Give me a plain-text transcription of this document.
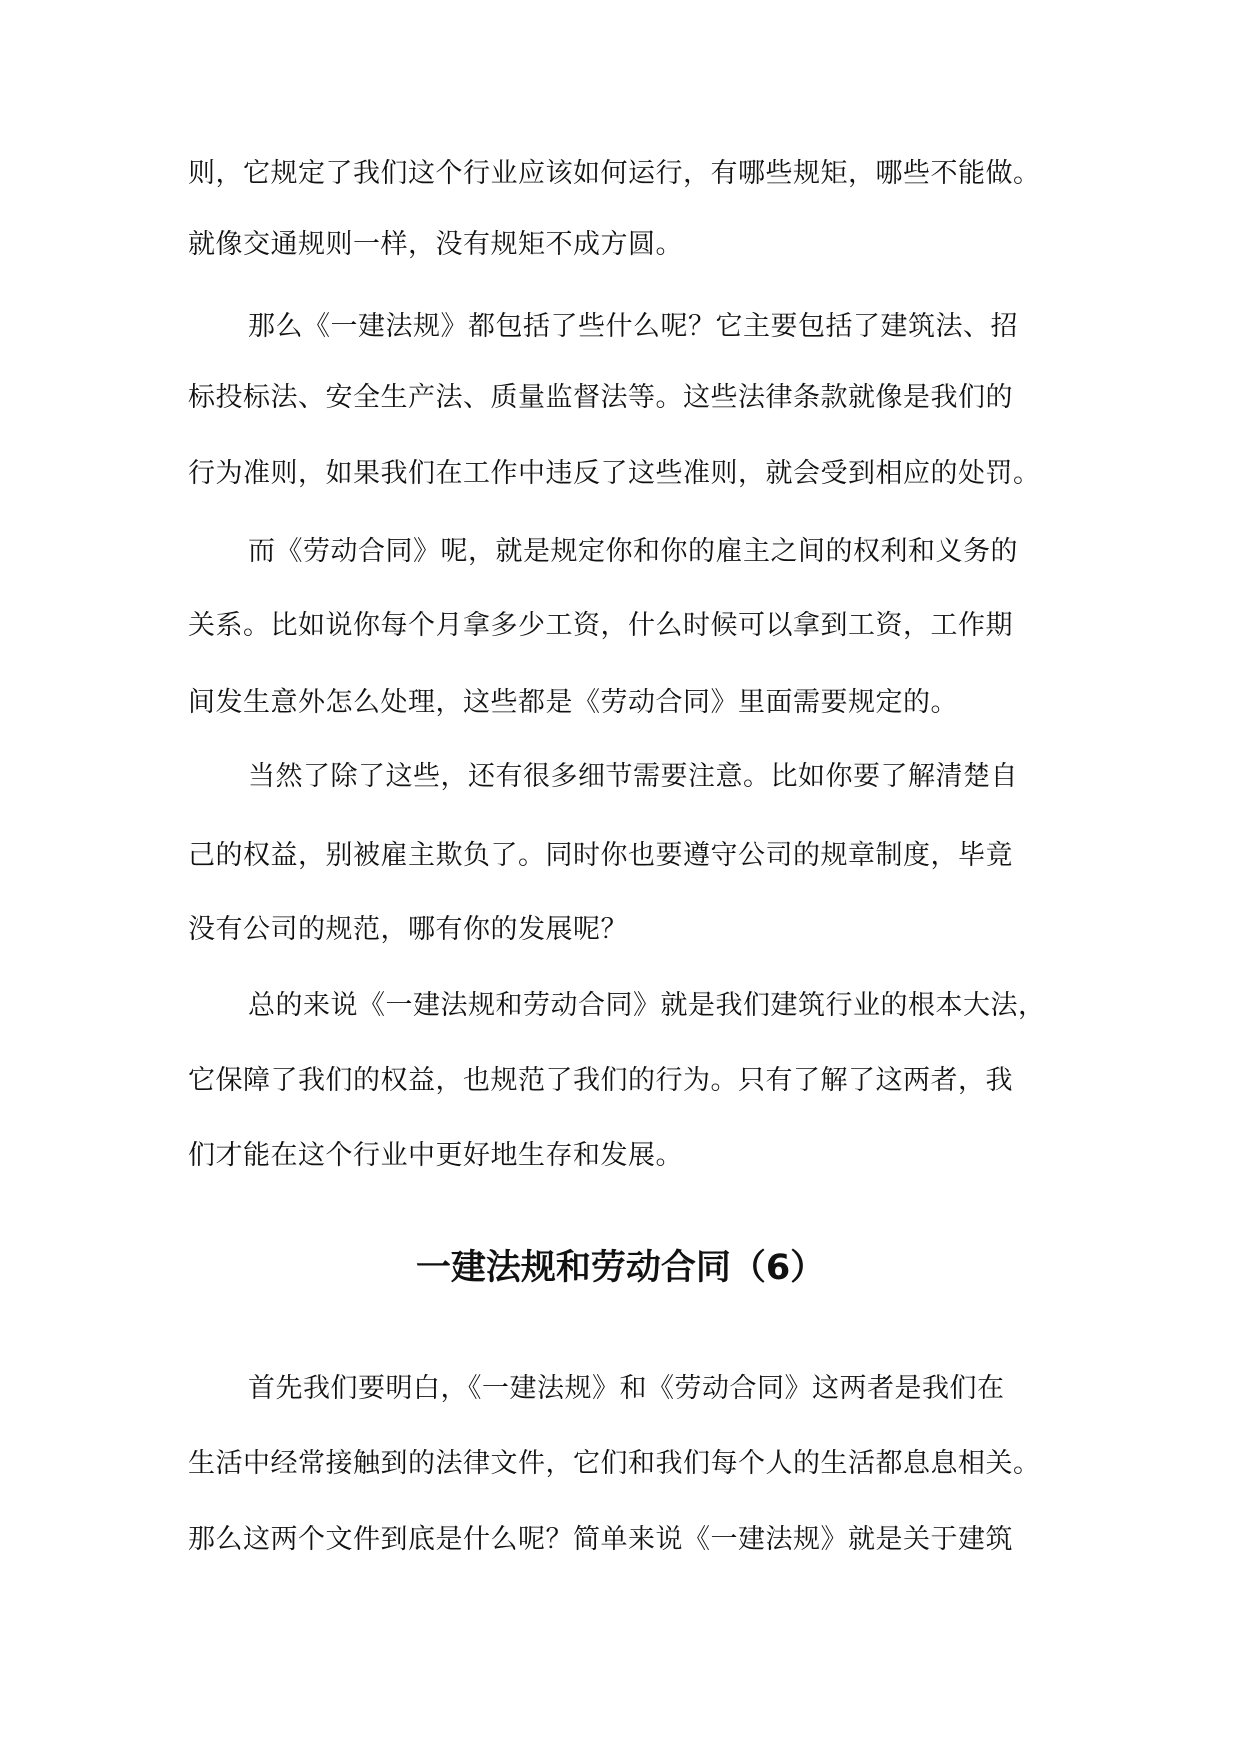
则，它规定了我们这个行业应该如何运行，有哪些规矩，哪些不能做。
就像交通规则一样，没有规矩不成方圆。
那么《一建法规》都包括了些什么呢？它主要包括了建筑法、招
标投标法、安全生产法、质量监督法等。这些法律条款就像是我们的
行为准则，如果我们在工作中违反了这些准则，就会受到相应的处罚。
而《劳动合同》呢，就是规定你和你的雇主之间的权利和义务的
关系。比如说你每个月拿多少工资，什么时候可以拿到工资，工作期
间发生意外怎么处理，这些都是《劳动合同》里面需要规定的。
当然了除了这些，还有很多细节需要注意。比如你要了解清楚自
己的权益，别被雇主欺负了。同时你也要遵守公司的规章制度，毕竟
没有公司的规范，哪有你的发展呢？
总的来说《一建法规和劳动合同》就是我们建筑行业的根本大法，
它保障了我们的权益，也规范了我们的行为。只有了解了这两者，我
们才能在这个行业中更好地生存和发展。
一建法规和劳动合同（6）
首先我们要明白，《一建法规》和《劳动合同》这两者是我们在
生活中经常接触到的法律文件，它们和我们每个人的生活都息息相关。
那么这两个文件到底是什么呢？简单来说《一建法规》就是关于建筑
